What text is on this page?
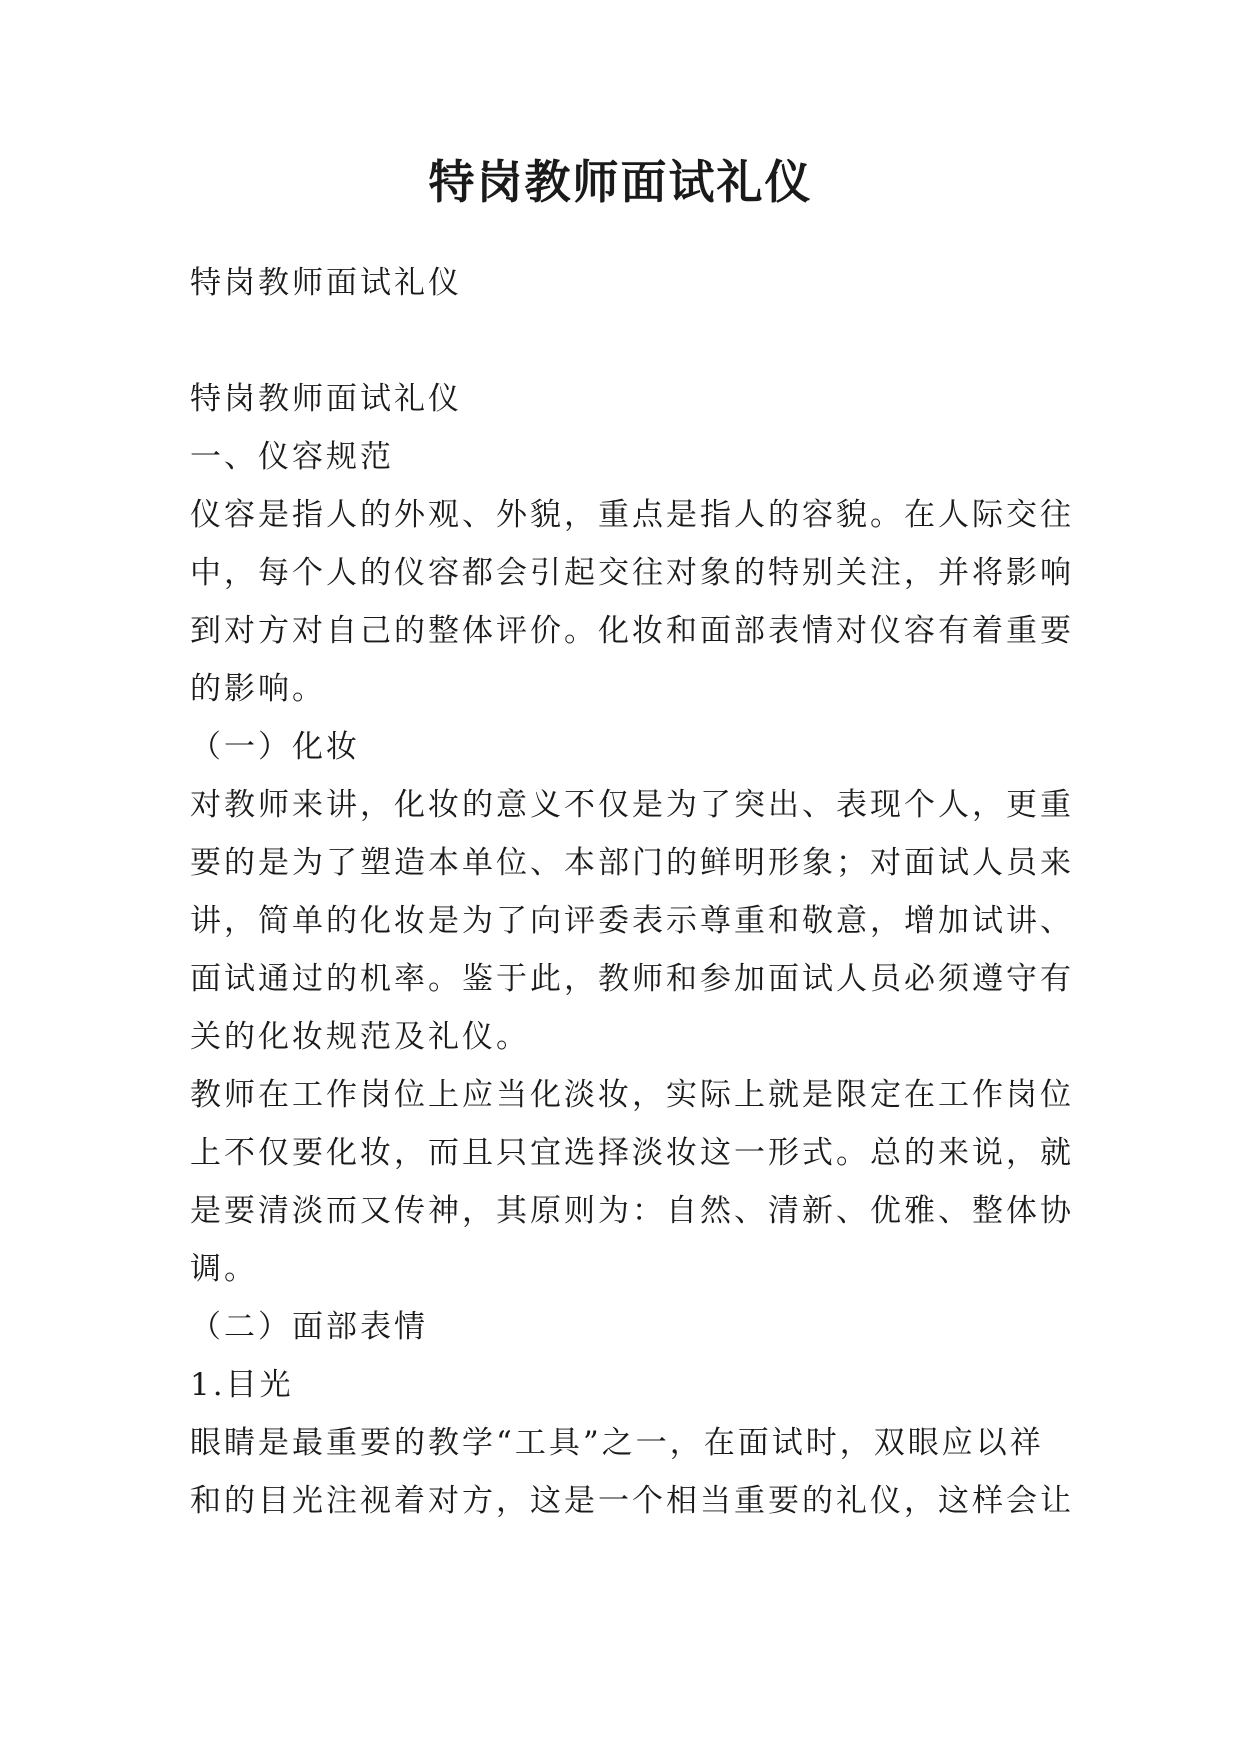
特岗教师面试礼仪
特岗教师面试礼仪
特岗教师面试礼仪
一、仪容规范
仪容是指人的外观、外貌，重点是指人的容貌。在人际交往
中，每个人的仪容都会引起交往对象的特别关注，并将影响
到对方对自己的整体评价。化妆和面部表情对仪容有着重要
的影响。
（一）化妆
对教师来讲，化妆的意义不仅是为了突出、表现个人，更重
要的是为了塑造本单位、本部门的鲜明形象；对面试人员来
讲，简单的化妆是为了向评委表示尊重和敬意，增加试讲、
面试通过的机率。鉴于此，教师和参加面试人员必须遵守有
关的化妆规范及礼仪。
教师在工作岗位上应当化淡妆，实际上就是限定在工作岗位
上不仅要化妆，而且只宜选择淡妆这一形式。总的来说，就
是要清淡而又传神，其原则为：自然、清新、优雅、整体协
调。
（二）面部表情
1.目光
眼睛是最重要的教学“工具”之一，在面试时，双眼应以祥
和的目光注视着对方，这是一个相当重要的礼仪，这样会让
